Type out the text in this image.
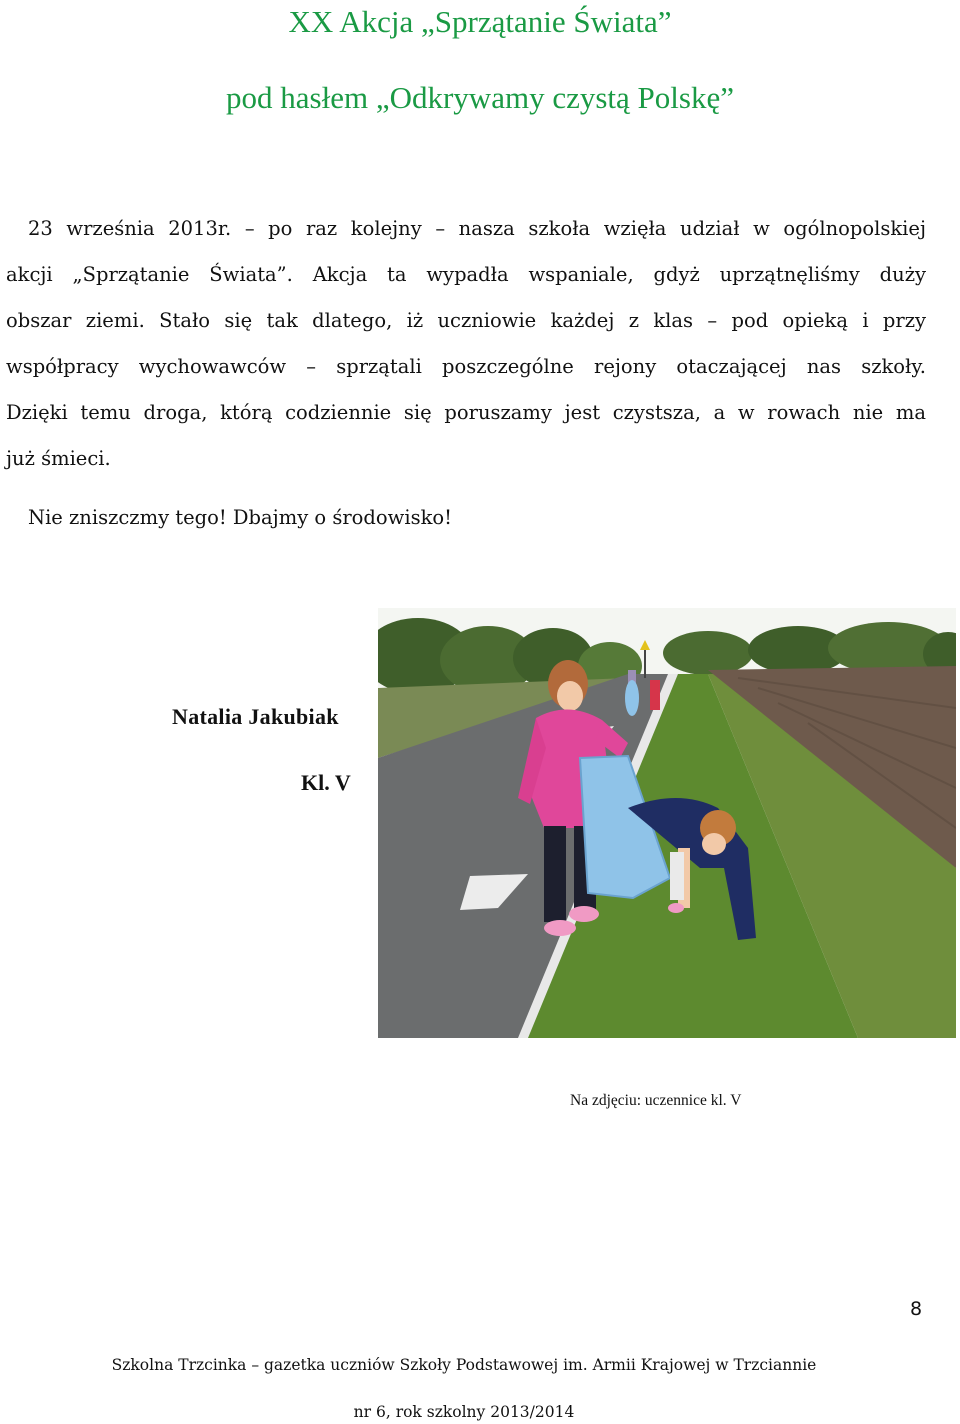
XX Akcja „Sprzątanie Świata”
pod hasłem „Odkrywamy czystą Polskę”
23 września 2013r. – po raz kolejny – nasza szkoła wzięła udział w ogólnopolskiej
akcji „Sprzątanie Świata”. Akcja ta wypadła wspaniale, gdyż uprzątnęliśmy duży
obszar ziemi. Stało się tak dlatego, iż uczniowie każdej z klas – pod opieką i przy
współpracy wychowawców – sprzątali poszczególne rejony otaczającej nas szkoły.
Dzięki temu droga, którą codziennie się poruszamy jest czystsza, a w rowach nie ma
już śmieci.
Nie zniszczmy tego! Dbajmy o środowisko!
Natalia Jakubiak
Kl. V
Na zdjęciu: uczennice kl. V
8
Szkolna Trzcinka – gazetka uczniów Szkoły Podstawowej im. Armii Krajowej w Trzciannie
nr 6, rok szkolny 2013/2014
